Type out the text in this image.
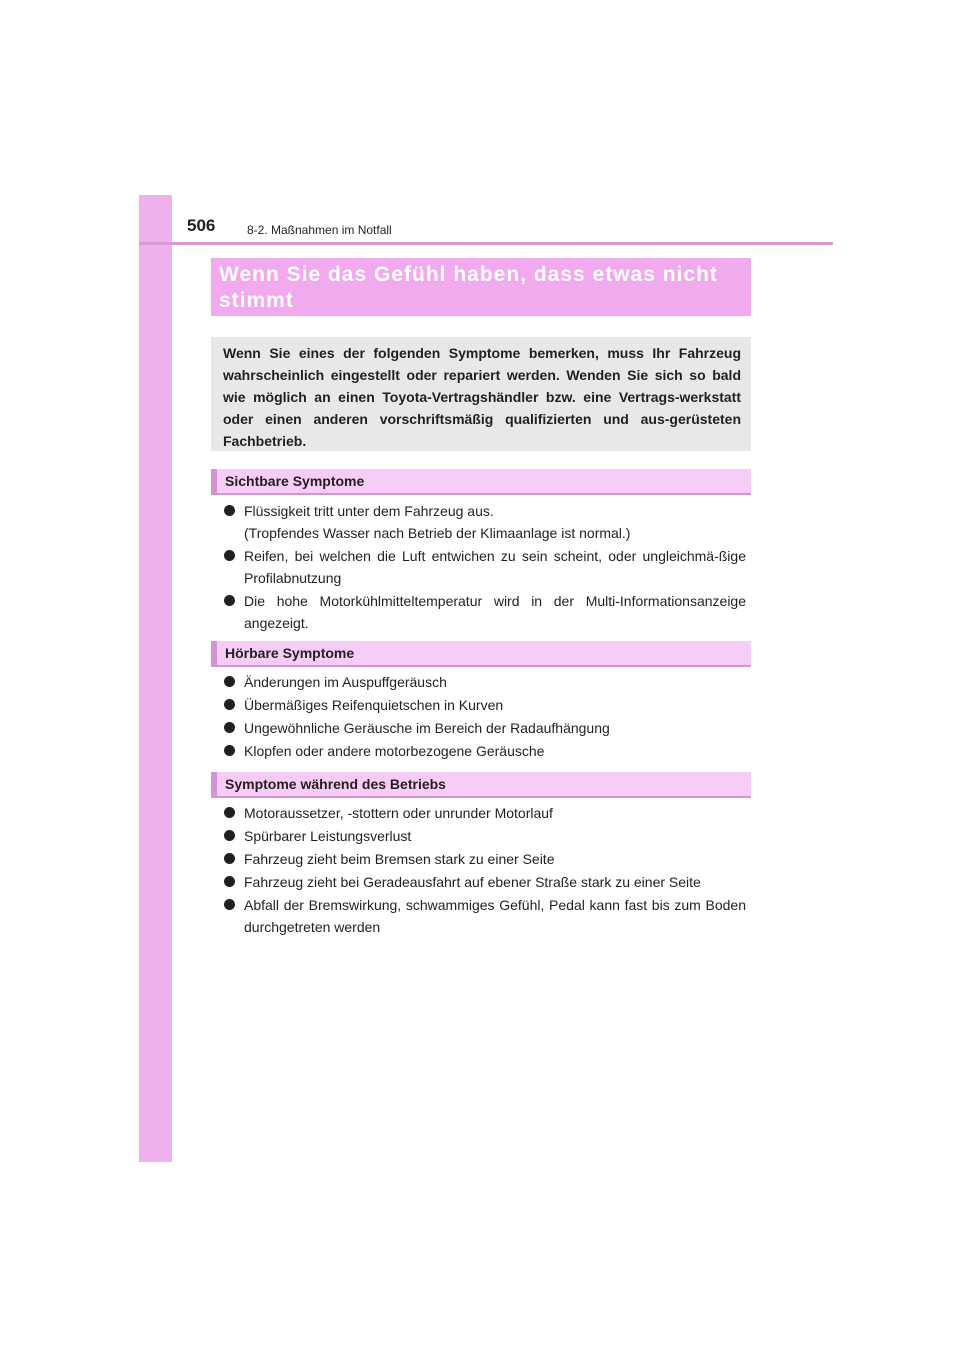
506	8-2. Maßnahmen im Notfall

Wenn Sie das Gefühl haben, dass etwas nicht

stimmt

Wenn Sie eines der folgenden Symptome bemerken, muss Ihr Fahrzeug wahrscheinlich eingestellt oder repariert werden. Wenden Sie sich so bald wie möglich an einen Toyota-Vertragshändler bzw. eine Vertrags-werkstatt oder einen anderen vorschriftsmäßig qualifizierten und aus-gerüsteten Fachbetrieb.

Sichtbare Symptome
Flüssigkeit tritt unter dem Fahrzeug aus.
(Tropfendes Wasser nach Betrieb der Klimaanlage ist normal.)
Reifen, bei welchen die Luft entwichen zu sein scheint, oder ungleichmä-ßige Profilabnutzung
Die hohe Motorkühlmitteltemperatur wird in der Multi-Informationsanzeige angezeigt.
Hörbare Symptome
Änderungen im Auspuffgeräusch
Übermäßiges Reifenquietschen in Kurven
Ungewöhnliche Geräusche im Bereich der Radaufhängung
Klopfen oder andere motorbezogene Geräusche
Symptome während des Betriebs
Motoraussetzer, -stottern oder unrunder Motorlauf
Spürbarer Leistungsverlust
Fahrzeug zieht beim Bremsen stark zu einer Seite
Fahrzeug zieht bei Geradeausfahrt auf ebener Straße stark zu einer Seite
Abfall der Bremswirkung, schwammiges Gefühl, Pedal kann fast bis zum Boden durchgetreten werden
